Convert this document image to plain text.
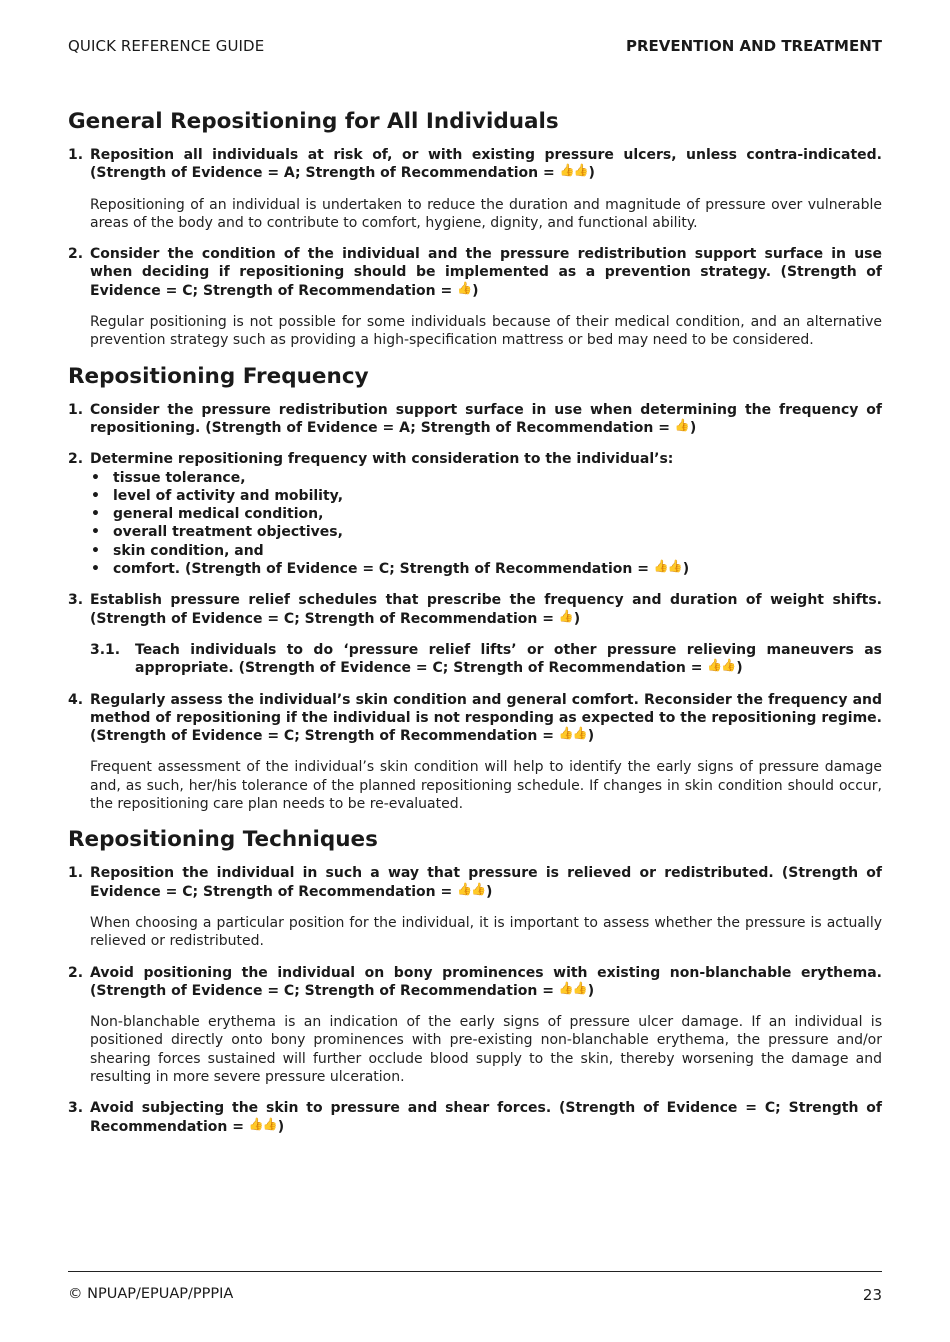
QUICK REFERENCE GUIDE	PREVENTION AND TREATMENT
General Repositioning for All Individuals
1. Reposition all individuals at risk of, or with existing pressure ulcers, unless contra-indicated. (Strength of Evidence = A; Strength of Recommendation = 👍👍)
Repositioning of an individual is undertaken to reduce the duration and magnitude of pressure over vulnerable areas of the body and to contribute to comfort, hygiene, dignity, and functional ability.
2. Consider the condition of the individual and the pressure redistribution support surface in use when deciding if repositioning should be implemented as a prevention strategy. (Strength of Evidence = C; Strength of Recommendation = 👍)
Regular positioning is not possible for some individuals because of their medical condition, and an alternative prevention strategy such as providing a high-specification mattress or bed may need to be considered.
Repositioning Frequency
1. Consider the pressure redistribution support surface in use when determining the frequency of repositioning. (Strength of Evidence = A; Strength of Recommendation = 👍)
2. Determine repositioning frequency with consideration to the individual’s:
• tissue tolerance,
• level of activity and mobility,
• general medical condition,
• overall treatment objectives,
• skin condition, and
• comfort. (Strength of Evidence = C; Strength of Recommendation = 👍👍)
3. Establish pressure relief schedules that prescribe the frequency and duration of weight shifts. (Strength of Evidence = C; Strength of Recommendation = 👍)
3.1. Teach individuals to do ‘pressure relief lifts’ or other pressure relieving maneuvers as appropriate. (Strength of Evidence = C; Strength of Recommendation = 👍👍)
4. Regularly assess the individual’s skin condition and general comfort. Reconsider the frequency and method of repositioning if the individual is not responding as expected to the repositioning regime. (Strength of Evidence = C; Strength of Recommendation = 👍👍)
Frequent assessment of the individual’s skin condition will help to identify the early signs of pressure damage and, as such, her/his tolerance of the planned repositioning schedule. If changes in skin condition should occur, the repositioning care plan needs to be re-evaluated.
Repositioning Techniques
1. Reposition the individual in such a way that pressure is relieved or redistributed. (Strength of Evidence = C; Strength of Recommendation = 👍👍)
When choosing a particular position for the individual, it is important to assess whether the pressure is actually relieved or redistributed.
2. Avoid positioning the individual on bony prominences with existing non-blanchable erythema. (Strength of Evidence = C; Strength of Recommendation = 👍👍)
Non-blanchable erythema is an indication of the early signs of pressure ulcer damage. If an individual is positioned directly onto bony prominences with pre-existing non-blanchable erythema, the pressure and/or shearing forces sustained will further occlude blood supply to the skin, thereby worsening the damage and resulting in more severe pressure ulceration.
3. Avoid subjecting the skin to pressure and shear forces. (Strength of Evidence = C; Strength of Recommendation = 👍👍)
© NPUAP/EPUAP/PPPIA	23
